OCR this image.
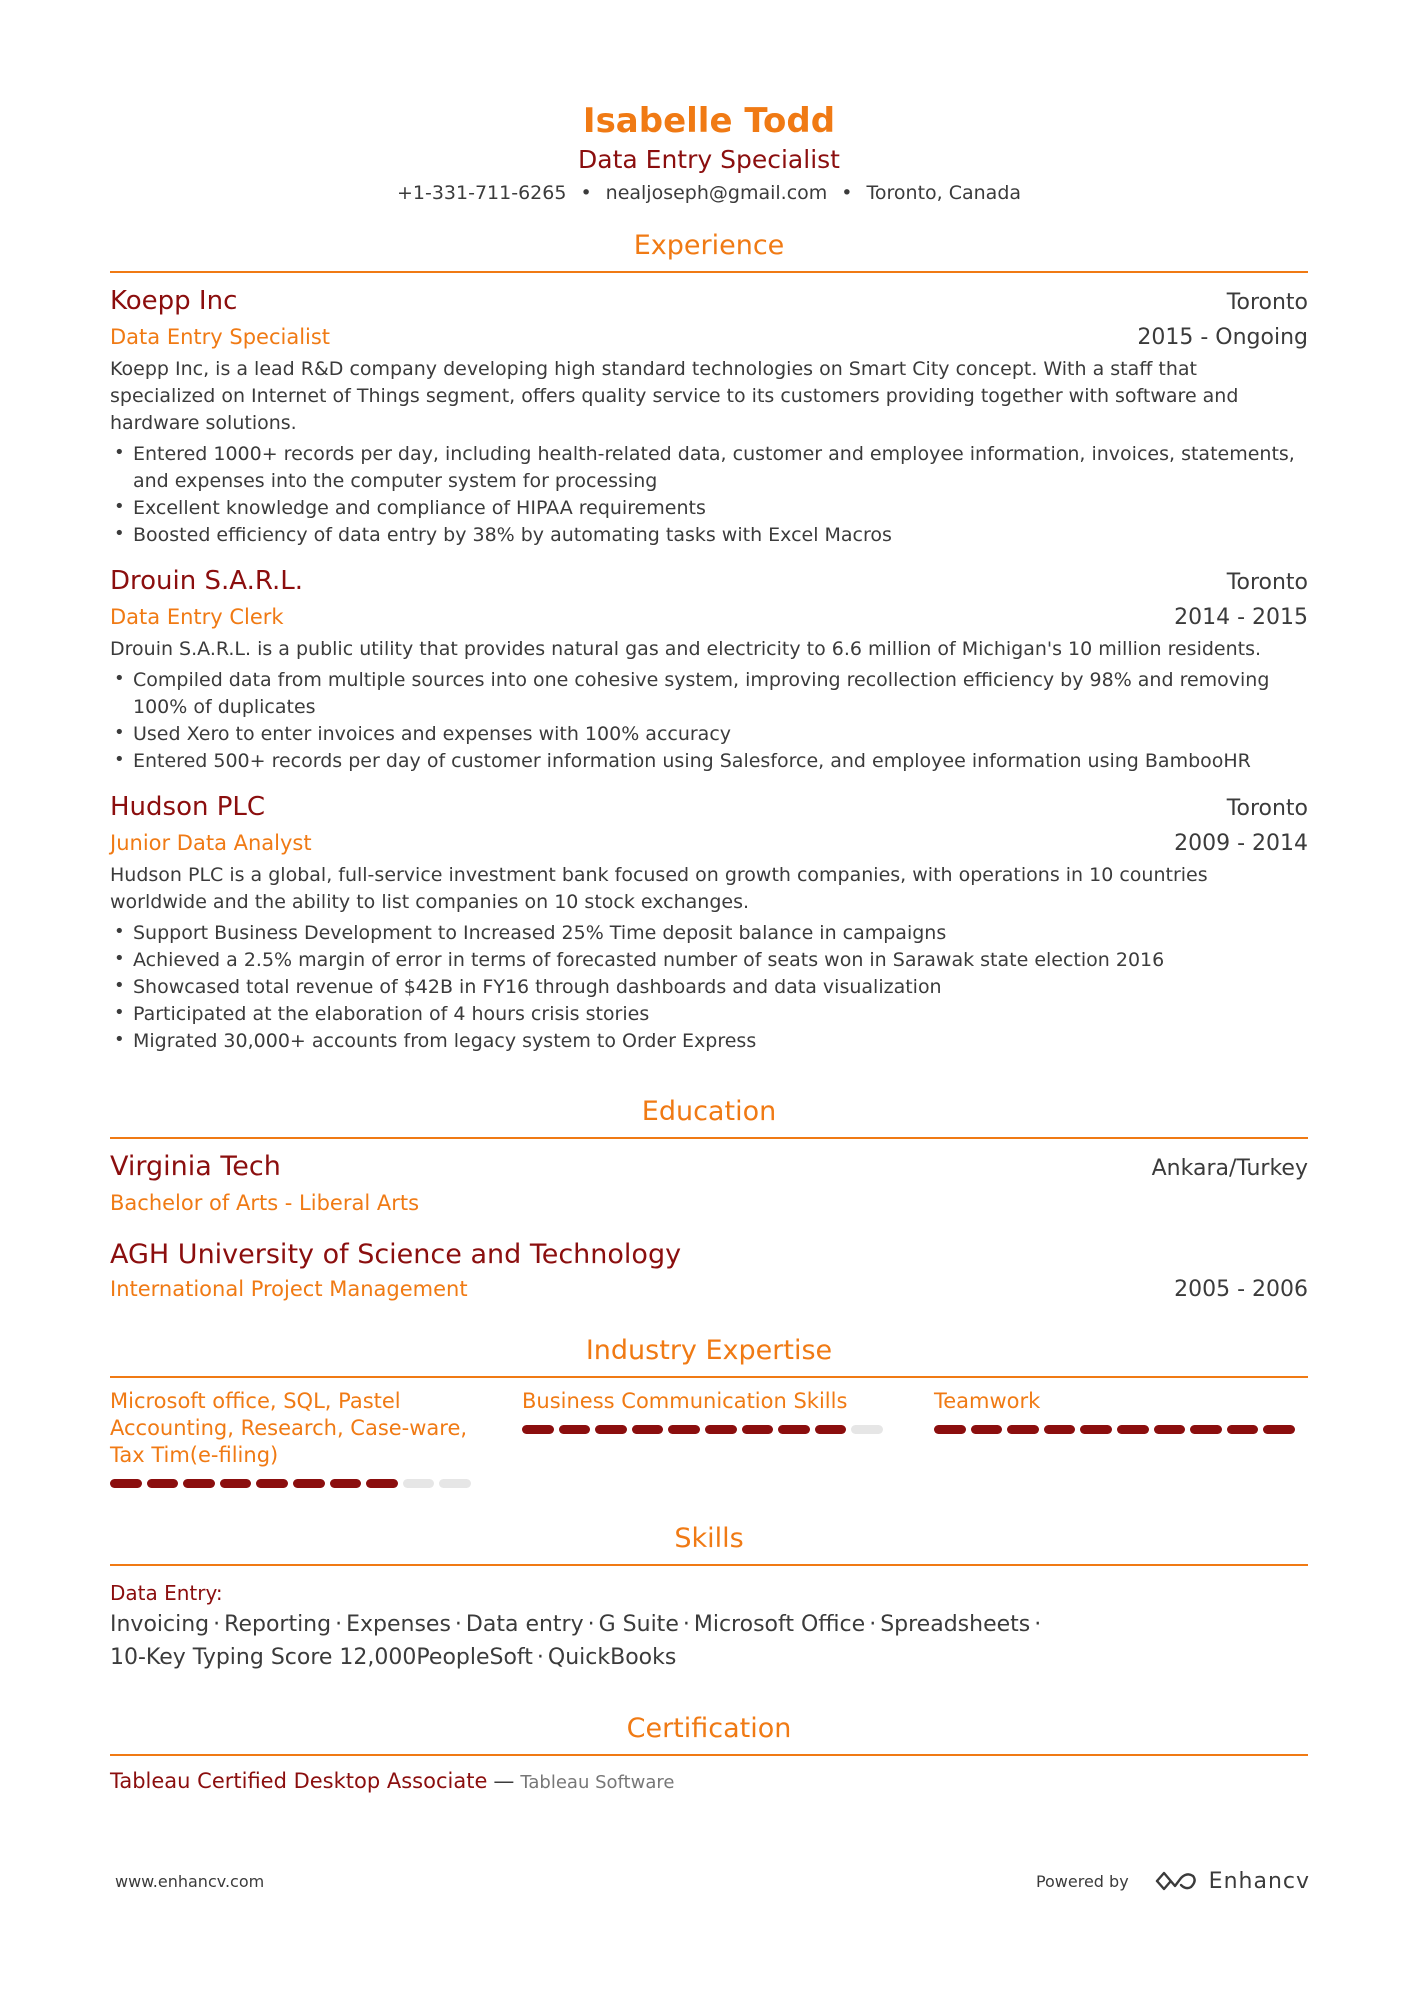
Isabelle Todd
Data Entry Specialist
+1-331-711-6265 • nealjoseph@gmail.com • Toronto, Canada
Experience
Koepp Inc	Toronto
Data Entry Specialist	2015 - Ongoing
Koepp Inc, is a lead R&D company developing high standard technologies on Smart City concept. With a staff that specialized on Internet of Things segment, offers quality service to its customers providing together with software and hardware solutions.
• Entered 1000+ records per day, including health-related data, customer and employee information, invoices, statements, and expenses into the computer system for processing
• Excellent knowledge and compliance of HIPAA requirements
• Boosted efficiency of data entry by 38% by automating tasks with Excel Macros
Drouin S.A.R.L.	Toronto
Data Entry Clerk	2014 - 2015
Drouin S.A.R.L. is a public utility that provides natural gas and electricity to 6.6 million of Michigan's 10 million residents.
• Compiled data from multiple sources into one cohesive system, improving recollection efficiency by 98% and removing 100% of duplicates
• Used Xero to enter invoices and expenses with 100% accuracy
• Entered 500+ records per day of customer information using Salesforce, and employee information using BambooHR
Hudson PLC	Toronto
Junior Data Analyst	2009 - 2014
Hudson PLC is a global, full-service investment bank focused on growth companies, with operations in 10 countries worldwide and the ability to list companies on 10 stock exchanges.
• Support Business Development to Increased 25% Time deposit balance in campaigns
• Achieved a 2.5% margin of error in terms of forecasted number of seats won in Sarawak state election 2016
• Showcased total revenue of $42B in FY16 through dashboards and data visualization
• Participated at the elaboration of 4 hours crisis stories
• Migrated 30,000+ accounts from legacy system to Order Express
Education
Virginia Tech	Ankara/Turkey
Bachelor of Arts - Liberal Arts
AGH University of Science and Technology
International Project Management	2005 - 2006
Industry Expertise
Microsoft office, SQL, Pastel Accounting, Research, Case-ware, Tax Tim(e-filing)
Business Communication Skills	Teamwork
Skills
Data Entry:
Invoicing · Reporting · Expenses · Data entry · G Suite · Microsoft Office · Spreadsheets ·
10-Key Typing Score 12,000PeopleSoft · QuickBooks
Certification
Tableau Certified Desktop Associate — Tableau Software
www.enhancv.com	Powered by	Enhancv
